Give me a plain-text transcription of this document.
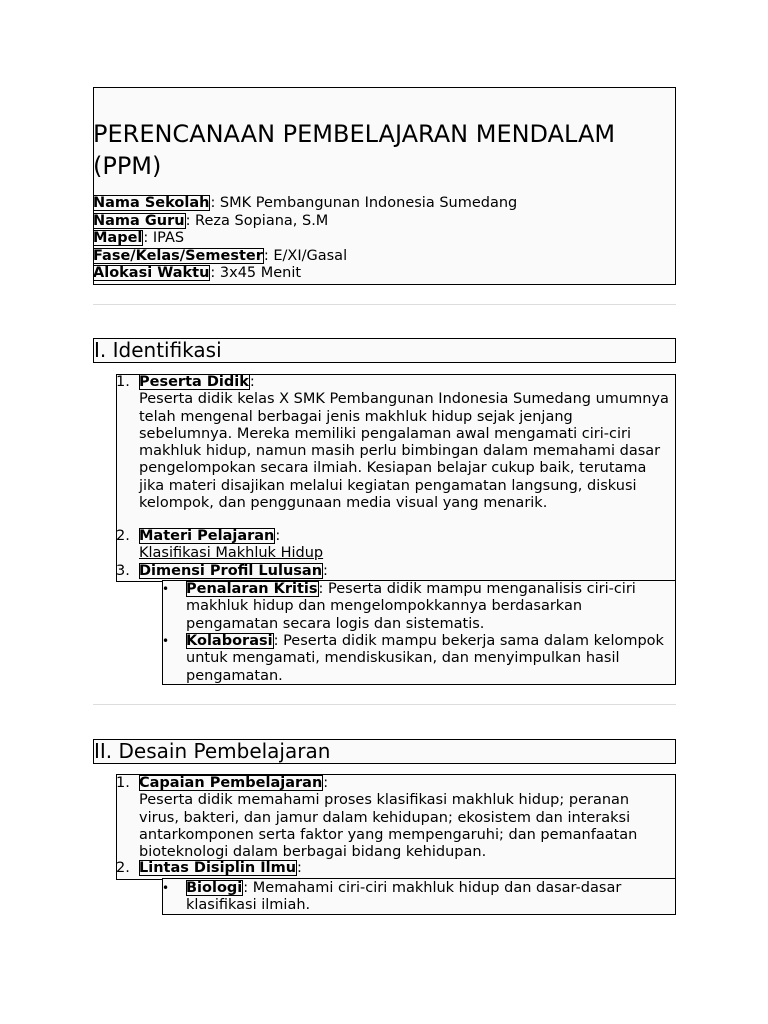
PERENCANAAN PEMBELAJARAN MENDALAM (PPM)
Nama Sekolah: SMK Pembangunan Indonesia Sumedang
Nama Guru: Reza Sopiana, S.M
Mapel: IPAS
Fase/Kelas/Semester: E/XI/Gasal
Alokasi Waktu: 3x45 Menit
I. Identifikasi
1. Peserta Didik:
Peserta didik kelas X SMK Pembangunan Indonesia Sumedang umumnya telah mengenal berbagai jenis makhluk hidup sejak jenjang sebelumnya. Mereka memiliki pengalaman awal mengamati ciri-ciri makhluk hidup, namun masih perlu bimbingan dalam memahami dasar pengelompokan secara ilmiah. Kesiapan belajar cukup baik, terutama jika materi disajikan melalui kegiatan pengamatan langsung, diskusi kelompok, dan penggunaan media visual yang menarik.
2. Materi Pelajaran:
Klasifikasi Makhluk Hidup
3. Dimensi Profil Lulusan:
•	Penalaran Kritis: Peserta didik mampu menganalisis ciri-ciri makhluk hidup dan mengelompokkannya berdasarkan pengamatan secara logis dan sistematis.
•	Kolaborasi: Peserta didik mampu bekerja sama dalam kelompok untuk mengamati, mendiskusikan, dan menyimpulkan hasil pengamatan.
II. Desain Pembelajaran
1. Capaian Pembelajaran:
Peserta didik memahami proses klasifikasi makhluk hidup; peranan virus, bakteri, dan jamur dalam kehidupan; ekosistem dan interaksi antarkomponen serta faktor yang mempengaruhi; dan pemanfaatan bioteknologi dalam berbagai bidang kehidupan.
2. Lintas Disiplin Ilmu:
•	Biologi: Memahami ciri-ciri makhluk hidup dan dasar-dasar klasifikasi ilmiah.
